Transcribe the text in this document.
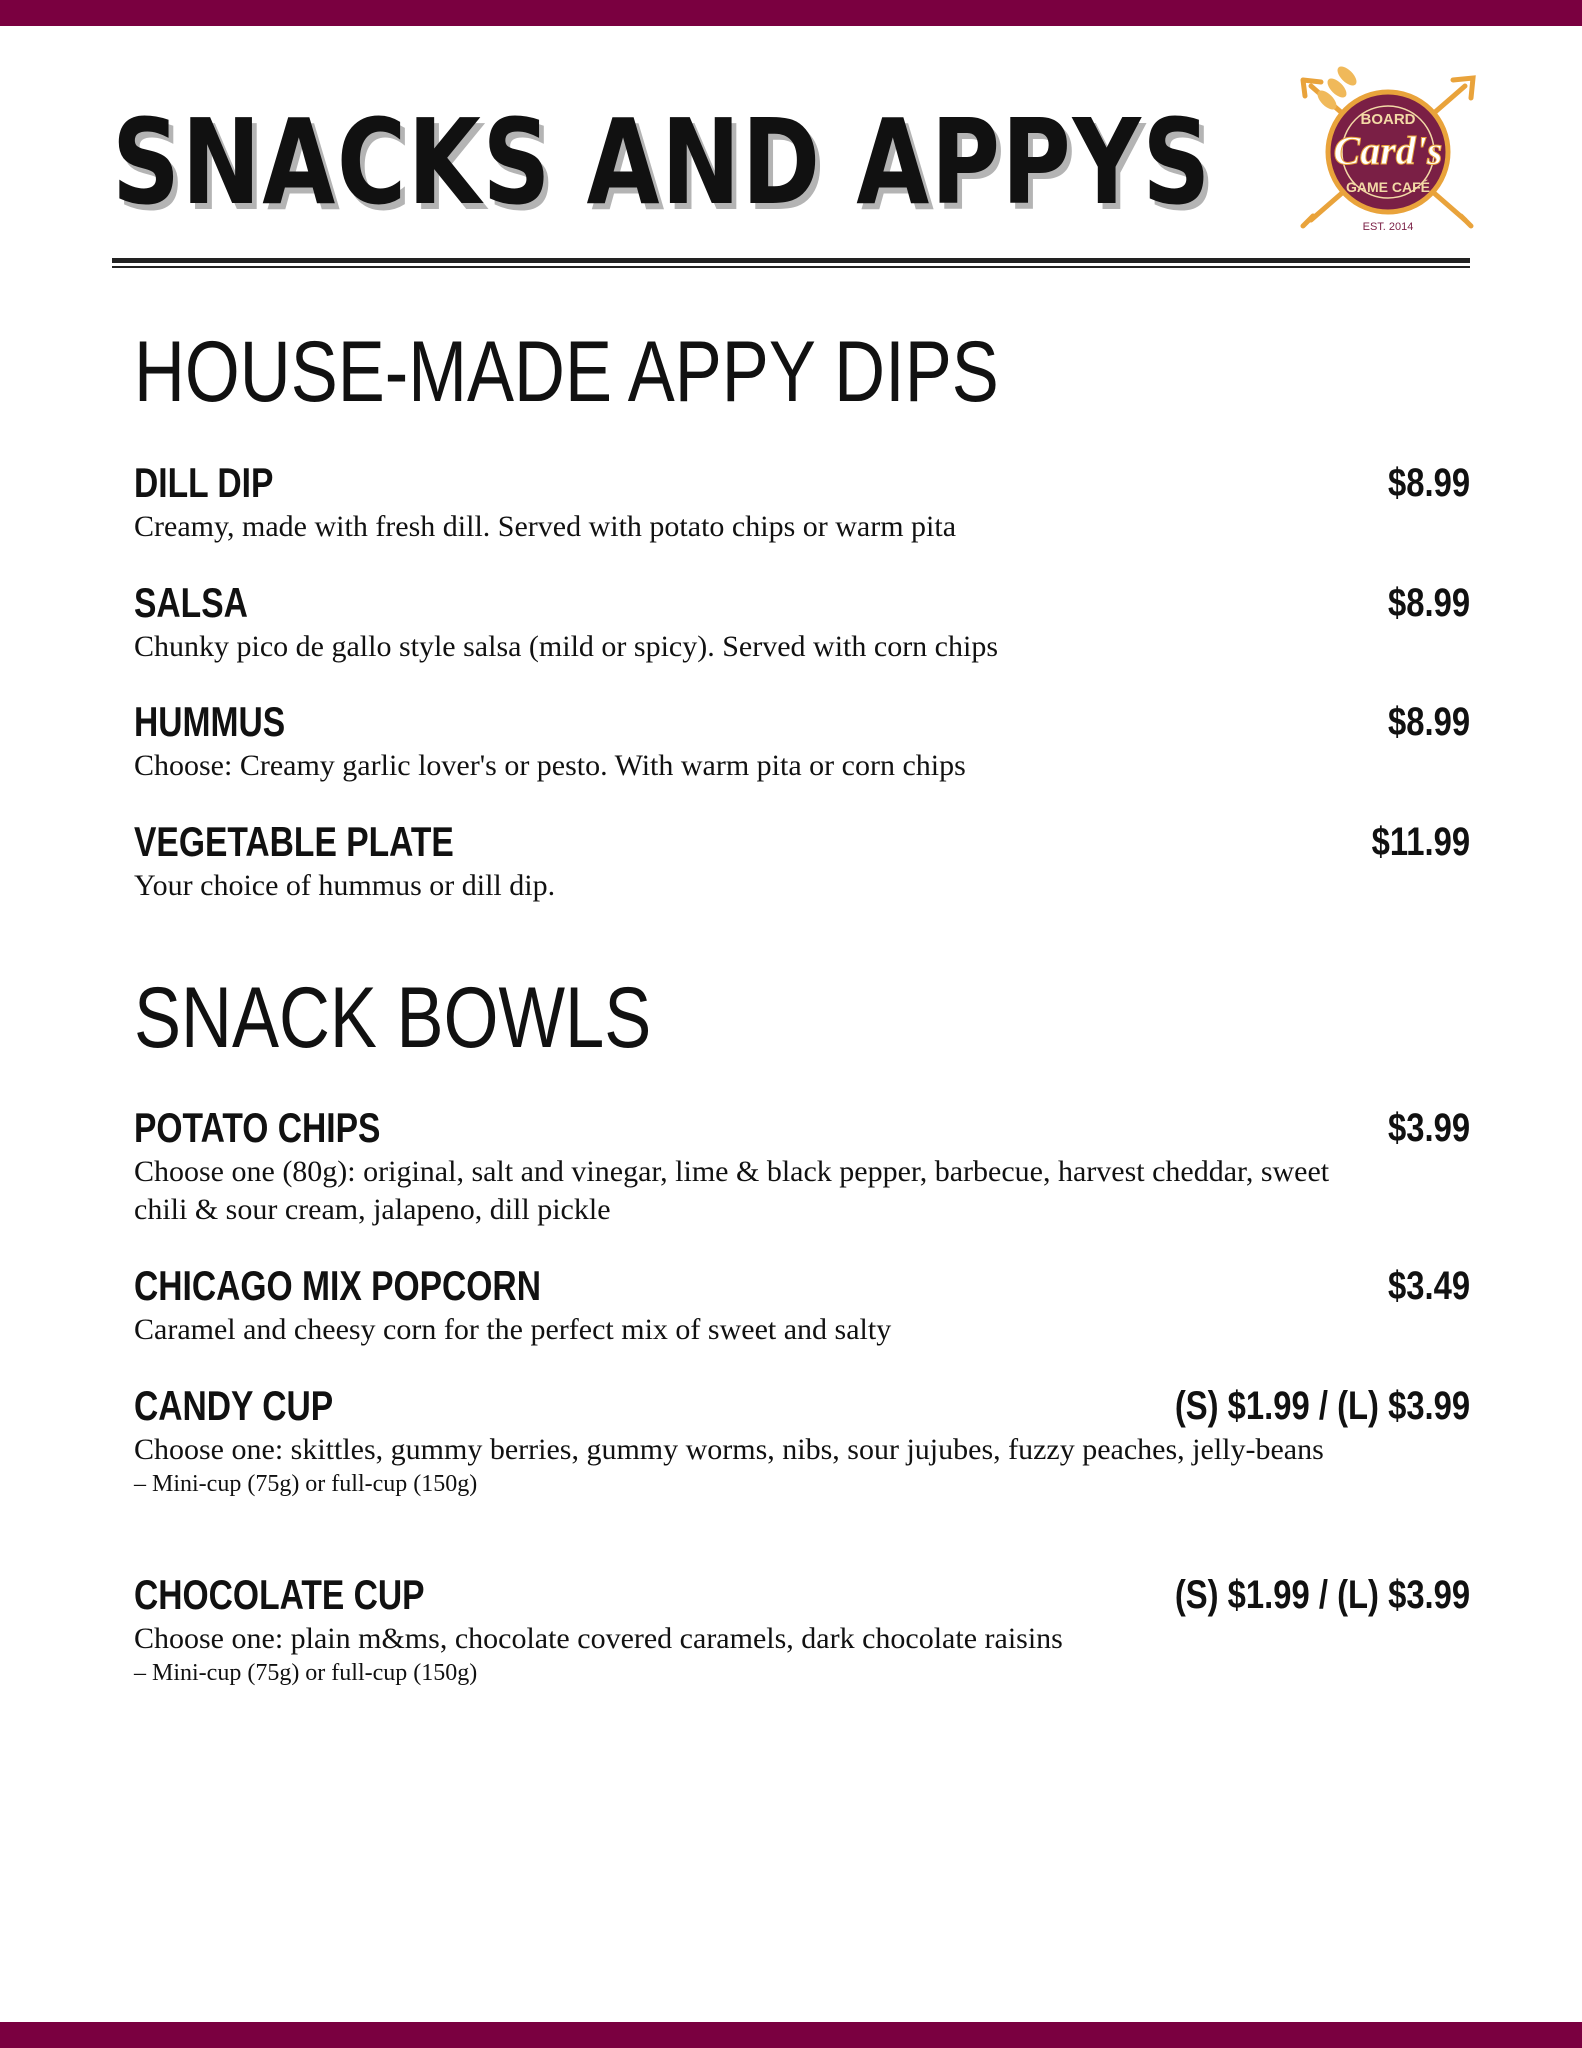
SNACKS AND APPYS	BOARD
Card's
GAME CAFÉ
EST. 2014
HOUSE-MADE APPY DIPS
DILL DIP	$8.99

Creamy, made with fresh dill. Served with potato chips or warm pita

SALSA	$8.99

Chunky pico de gallo style salsa (mild or spicy). Served with corn chips

HUMMUS	$8.99

Choose: Creamy garlic lover's or pesto. With warm pita or corn chips

VEGETABLE PLATE	$11.99

Your choice of hummus or dill dip.

SNACK BOWLS
POTATO CHIPS	$3.99

Choose one (80g): original, salt and vinegar, lime & black pepper, barbecue, harvest cheddar, sweet chili & sour cream, jalapeno, dill pickle

CHICAGO MIX POPCORN	$3.49

Caramel and cheesy corn for the perfect mix of sweet and salty

CANDY CUP	(S) $1.99 / (L) $3.99

Choose one: skittles, gummy berries, gummy worms, nibs, sour jujubes, fuzzy peaches, jelly-beans

– Mini-cup (75g) or full-cup (150g)

CHOCOLATE CUP	(S) $1.99 / (L) $3.99

Choose one: plain m&ms, chocolate covered caramels, dark chocolate raisins

– Mini-cup (75g) or full-cup (150g)
